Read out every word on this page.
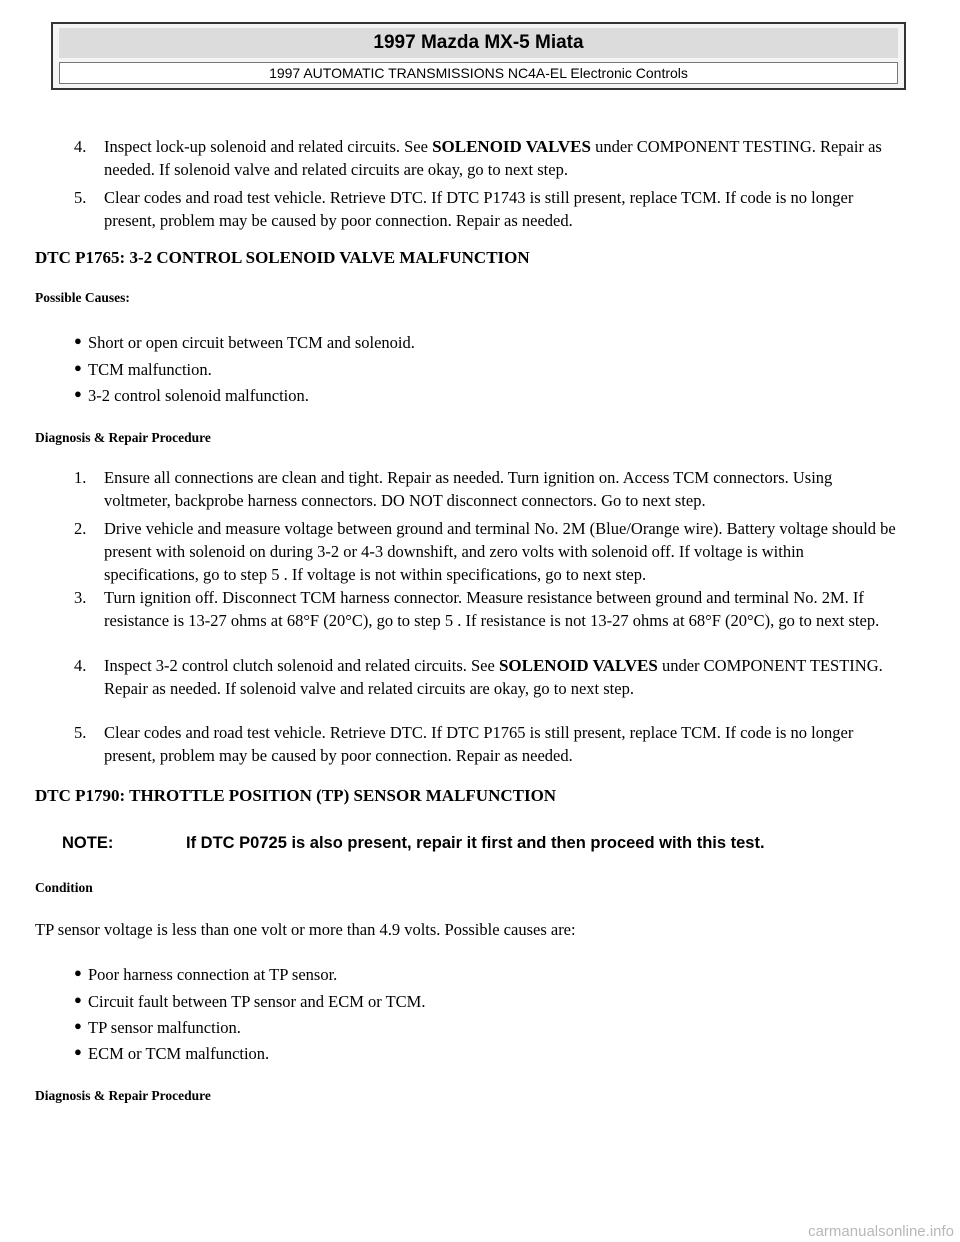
1997 Mazda MX-5 Miata
1997 AUTOMATIC TRANSMISSIONS NC4A-EL Electronic Controls
4. Inspect lock-up solenoid and related circuits. See SOLENOID VALVES under COMPONENT TESTING. Repair as needed. If solenoid valve and related circuits are okay, go to next step.
5. Clear codes and road test vehicle. Retrieve DTC. If DTC P1743 is still present, replace TCM. If code is no longer present, problem may be caused by poor connection. Repair as needed.
DTC P1765: 3-2 CONTROL SOLENOID VALVE MALFUNCTION
Possible Causes:
● Short or open circuit between TCM and solenoid.
● TCM malfunction.
● 3-2 control solenoid malfunction.
Diagnosis & Repair Procedure
1. Ensure all connections are clean and tight. Repair as needed. Turn ignition on. Access TCM connectors. Using voltmeter, backprobe harness connectors. DO NOT disconnect connectors. Go to next step.
2. Drive vehicle and measure voltage between ground and terminal No. 2M (Blue/Orange wire). Battery voltage should be present with solenoid on during 3-2 or 4-3 downshift, and zero volts with solenoid off. If voltage is within specifications, go to step 5 . If voltage is not within specifications, go to next step.
3. Turn ignition off. Disconnect TCM harness connector. Measure resistance between ground and terminal No. 2M. If resistance is 13-27 ohms at 68°F (20°C), go to step 5 . If resistance is not 13-27 ohms at 68°F (20°C), go to next step.
4. Inspect 3-2 control clutch solenoid and related circuits. See SOLENOID VALVES under COMPONENT TESTING. Repair as needed. If solenoid valve and related circuits are okay, go to next step.
5. Clear codes and road test vehicle. Retrieve DTC. If DTC P1765 is still present, replace TCM. If code is no longer present, problem may be caused by poor connection. Repair as needed.
DTC P1790: THROTTLE POSITION (TP) SENSOR MALFUNCTION
NOTE:	If DTC P0725 is also present, repair it first and then proceed with this test.
Condition
TP sensor voltage is less than one volt or more than 4.9 volts. Possible causes are:
● Poor harness connection at TP sensor.
● Circuit fault between TP sensor and ECM or TCM.
● TP sensor malfunction.
● ECM or TCM malfunction.
Diagnosis & Repair Procedure
carmanualsonline.info
